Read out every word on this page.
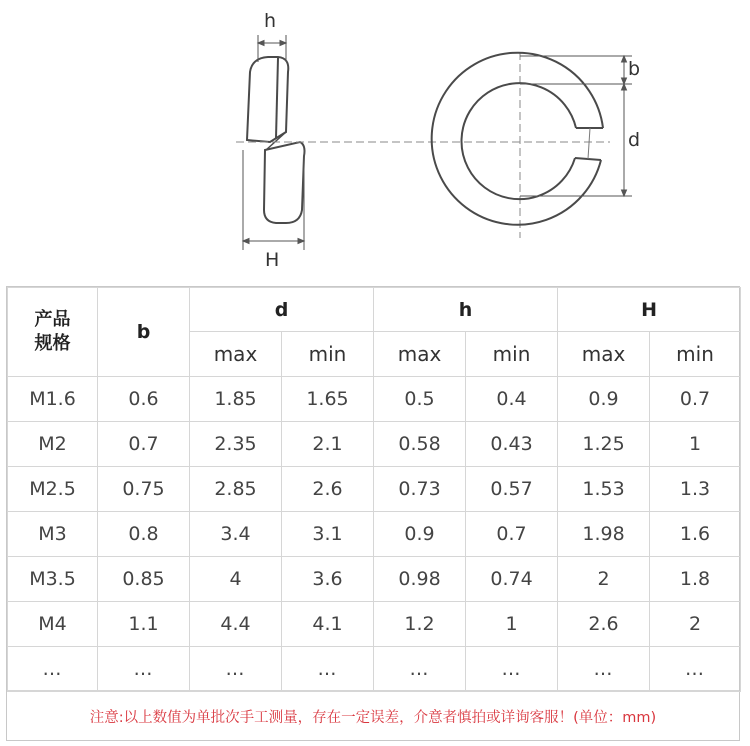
h
H
b
d
产品
规格	b	d		h		H	
		max	min	max	min	max	min
M1.6	0.6	1.85	1.65	0.5	0.4	0.9	0.7
M2	0.7	2.35	2.1	0.58	0.43	1.25	1
M2.5	0.75	2.85	2.6	0.73	0.57	1.53	1.3
M3	0.8	3.4	3.1	0.9	0.7	1.98	1.6
M3.5	0.85	4	3.6	0.98	0.74	2	1.8
M4	1.1	4.4	4.1	1.2	1	2.6	2
…	…	…	…	…	…	…	…
注意:以上数值为单批次手工测量，存在一定误差，介意者慎拍或详询客服！(单位：mm)
